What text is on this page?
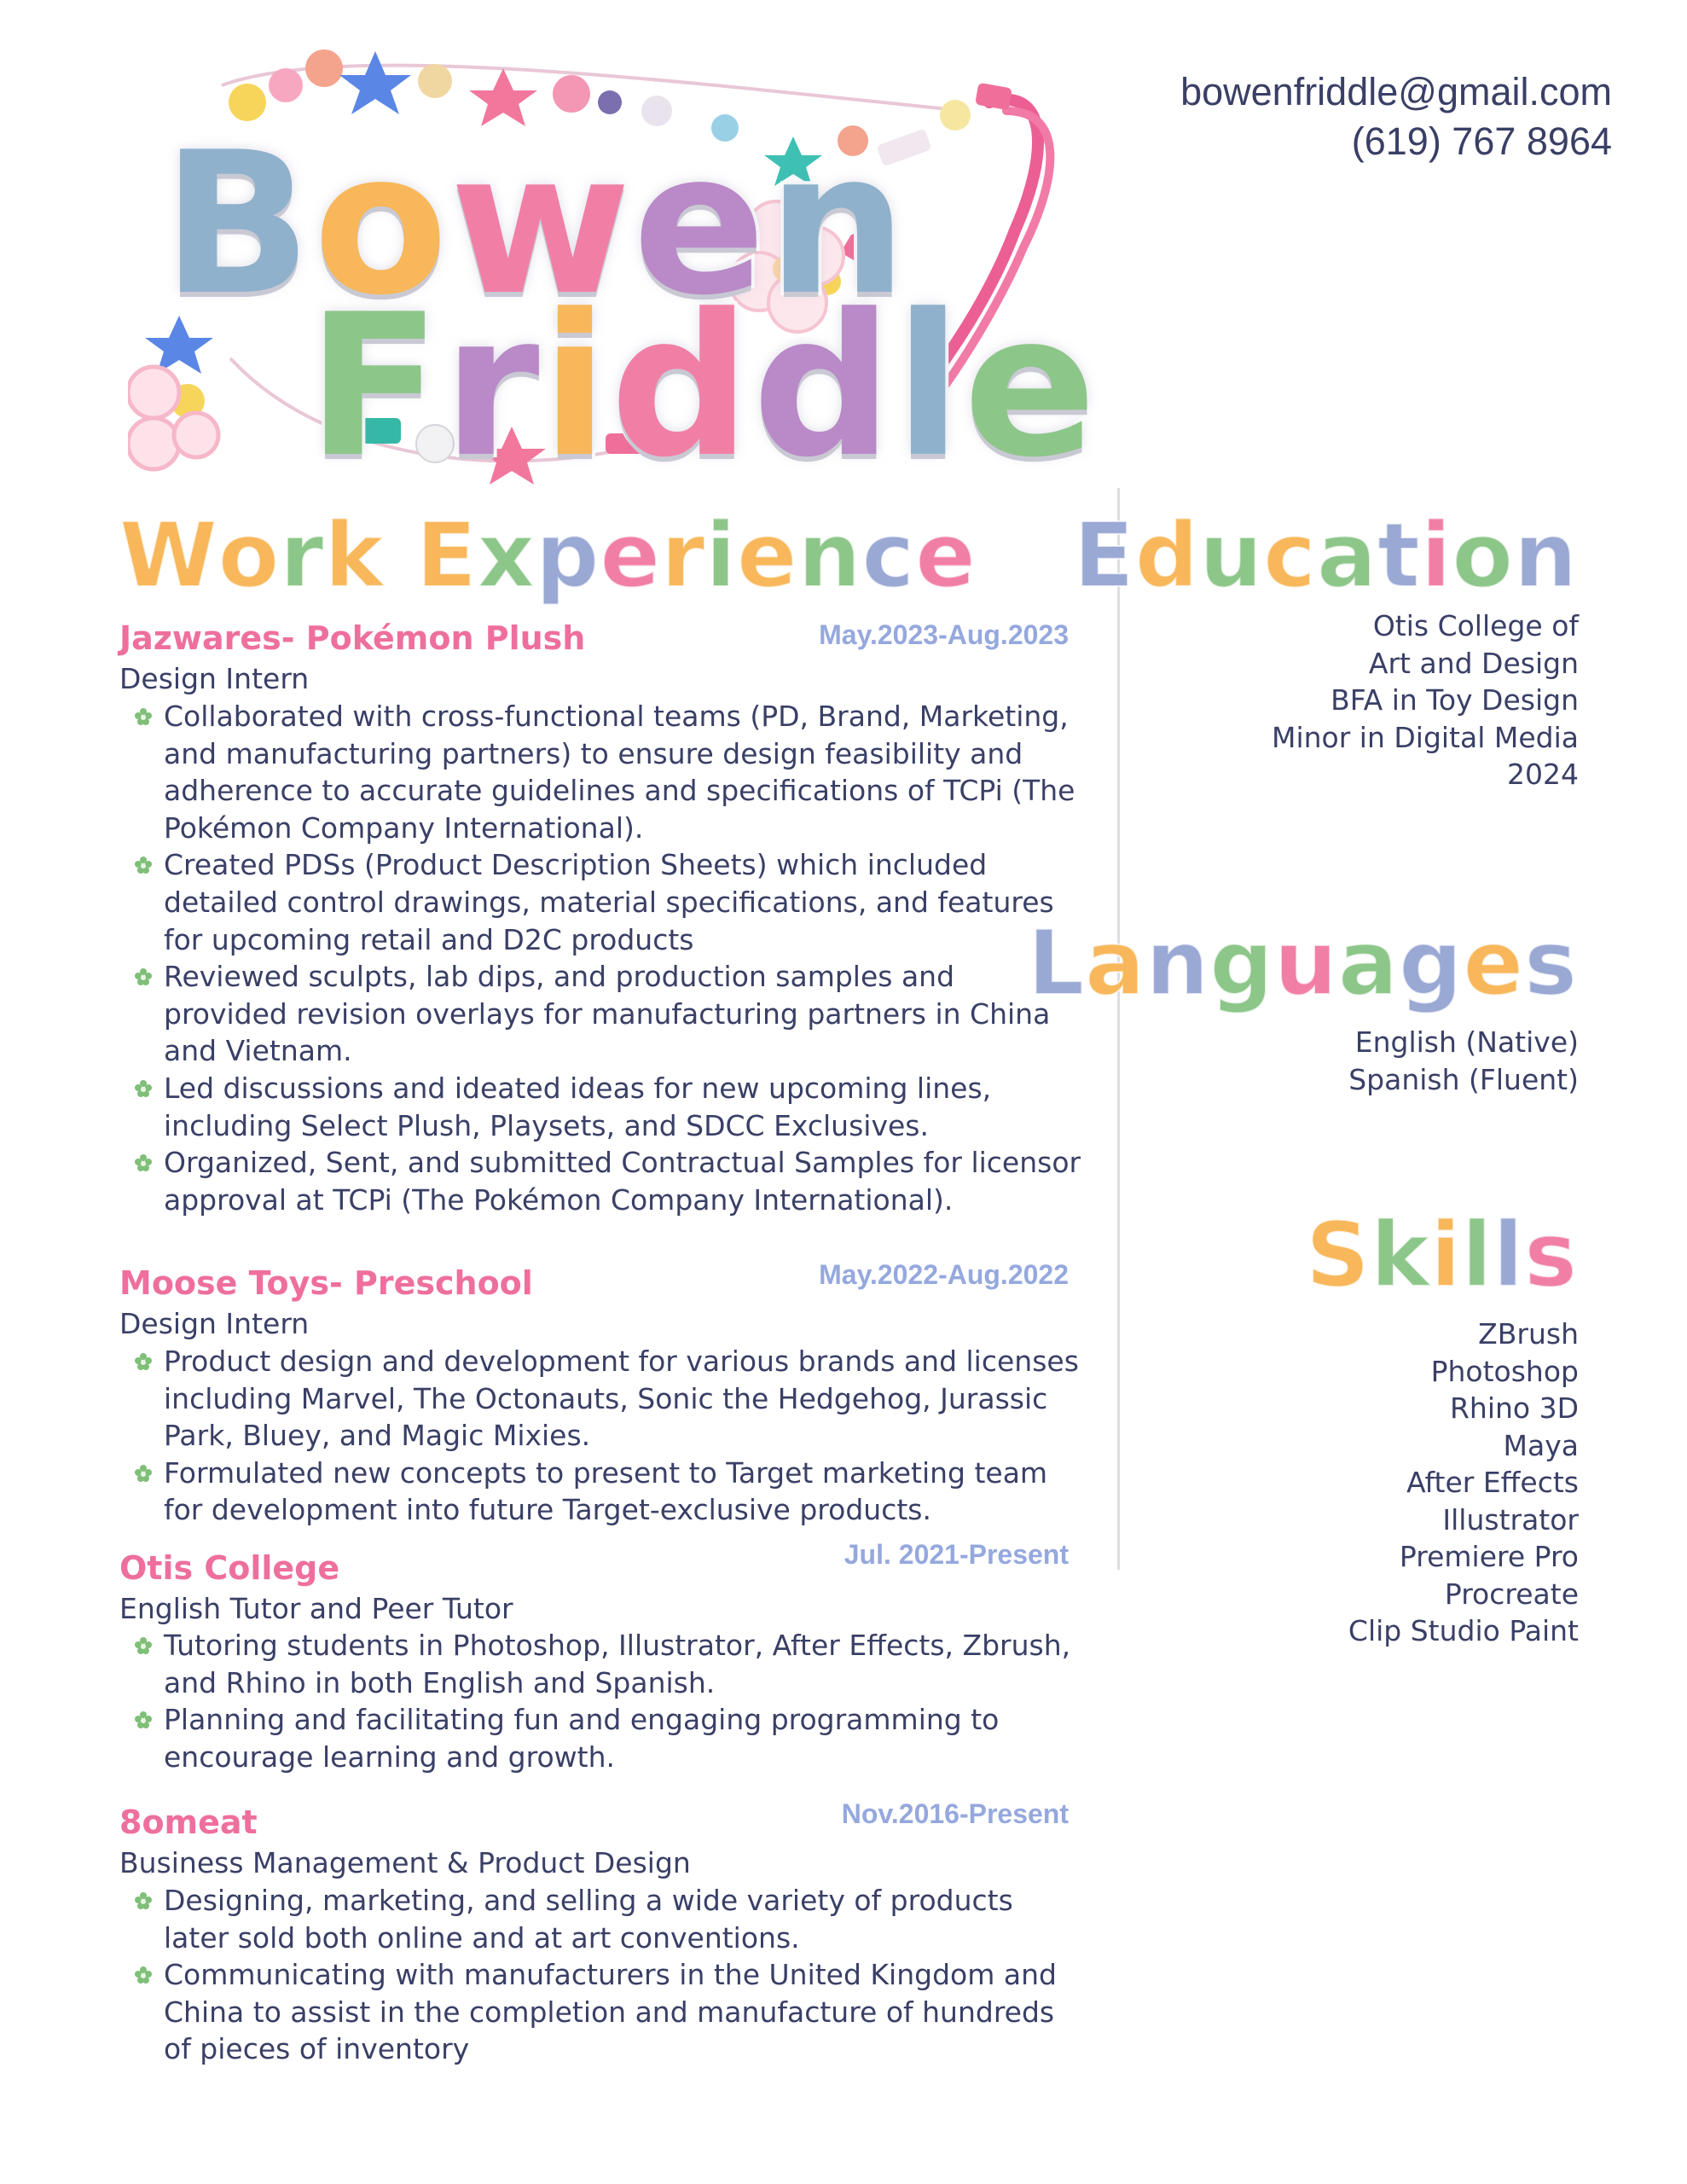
Bowen
Friddle
bowenfriddle@gmail.com
(619) 767 8964
Work Experience
Jazwares- Pokémon Plush	May.2023-Aug.2023
Design Intern
Collaborated with cross-functional teams (PD, Brand, Marketing, and manufacturing partners) to ensure design feasibility and adherence to accurate guidelines and specifications of TCPi (The Pokémon Company International).
Created PDSs (Product Description Sheets) which included detailed control drawings, material specifications, and features for upcoming retail and D2C products
Reviewed sculpts, lab dips, and production samples and provided revision overlays for manufacturing partners in China and Vietnam.
Led discussions and ideated ideas for new upcoming lines, including Select Plush, Playsets, and SDCC Exclusives.
Organized, Sent, and submitted Contractual Samples for licensor approval at TCPi (The Pokémon Company International).
Moose Toys- Preschool	May.2022-Aug.2022
Design Intern
Product design and development for various brands and licenses including Marvel, The Octonauts, Sonic the Hedgehog, Jurassic Park, Bluey, and Magic Mixies.
Formulated new concepts to present to Target marketing team for development into future Target-exclusive products.
Otis College	Jul. 2021-Present
English Tutor and Peer Tutor
Tutoring students in Photoshop, Illustrator, After Effects, Zbrush, and Rhino in both English and Spanish.
Planning and facilitating fun and engaging programming to encourage learning and growth.
8omeat	Nov.2016-Present
Business Management & Product Design
Designing, marketing, and selling a wide variety of products later sold both online and at art conventions.
Communicating with manufacturers in the United Kingdom and China to assist in the completion and manufacture of hundreds of pieces of inventory
Education
Otis College of
Art and Design
BFA in Toy Design
Minor in Digital Media
2024
Languages
English (Native)
Spanish (Fluent)
Skills
ZBrush
Photoshop
Rhino 3D
Maya
After Effects
Illustrator
Premiere Pro
Procreate
Clip Studio Paint
